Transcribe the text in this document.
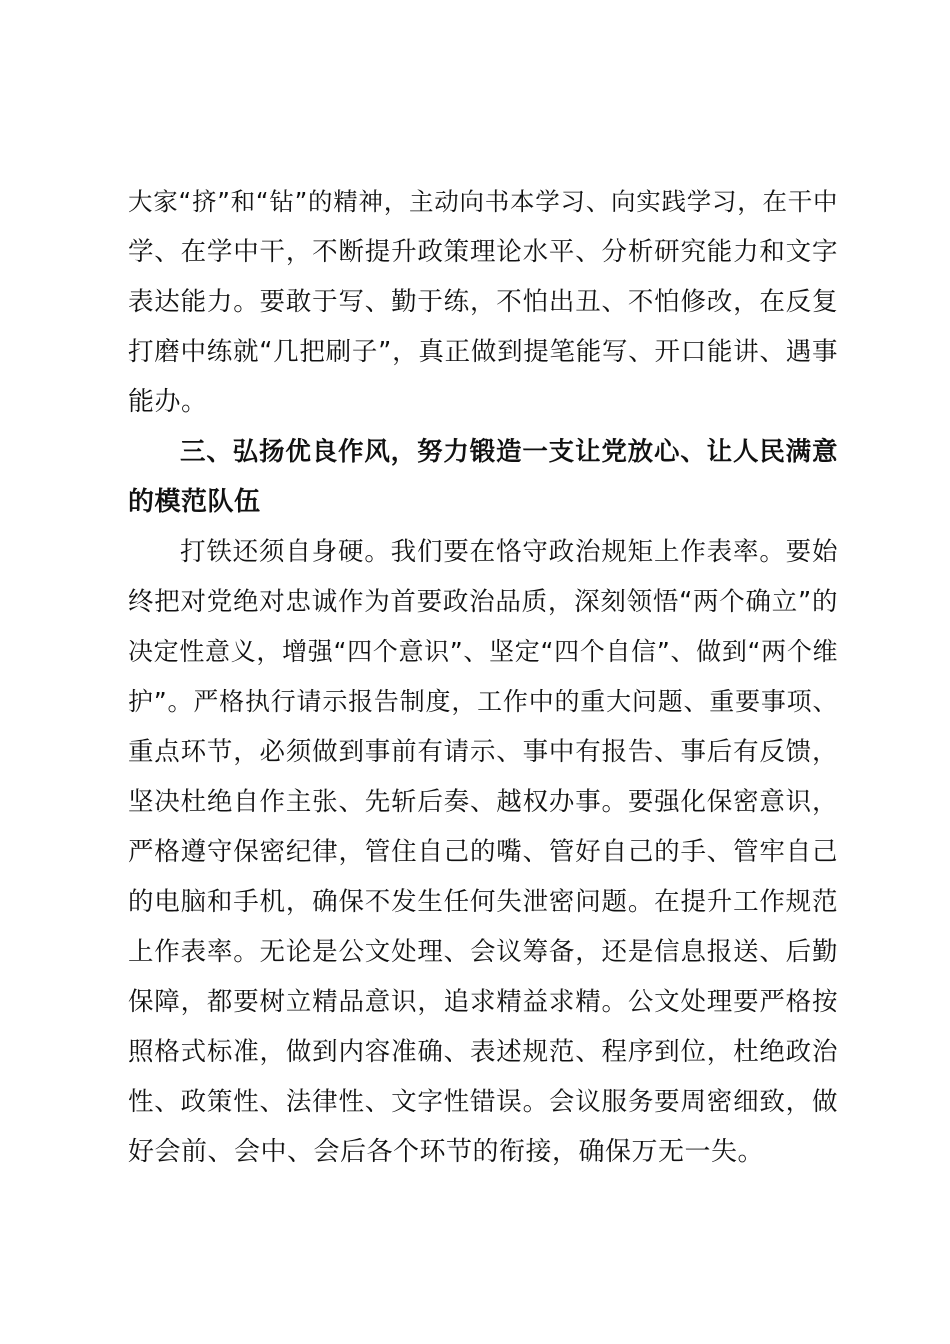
大家“挤”和“钻”的精神，主动向书本学习、向实践学习，在干中
学、在学中干，不断提升政策理论水平、分析研究能力和文字
表达能力。要敢于写、勤于练，不怕出丑、不怕修改，在反复
打磨中练就“几把刷子”，真正做到提笔能写、开口能讲、遇事
能办。
三、弘扬优良作风，努力锻造一支让党放心、让人民满意
的模范队伍
打铁还须自身硬。我们要在恪守政治规矩上作表率。要始
终把对党绝对忠诚作为首要政治品质，深刻领悟“两个确立”的
决定性意义，增强“四个意识”、坚定“四个自信”、做到“两个维
护”。严格执行请示报告制度，工作中的重大问题、重要事项、
重点环节，必须做到事前有请示、事中有报告、事后有反馈，
坚决杜绝自作主张、先斩后奏、越权办事。要强化保密意识，
严格遵守保密纪律，管住自己的嘴、管好自己的手、管牢自己
的电脑和手机，确保不发生任何失泄密问题。在提升工作规范
上作表率。无论是公文处理、会议筹备，还是信息报送、后勤
保障，都要树立精品意识，追求精益求精。公文处理要严格按
照格式标准，做到内容准确、表述规范、程序到位，杜绝政治
性、政策性、法律性、文字性错误。会议服务要周密细致，做
好会前、会中、会后各个环节的衔接，确保万无一失。
